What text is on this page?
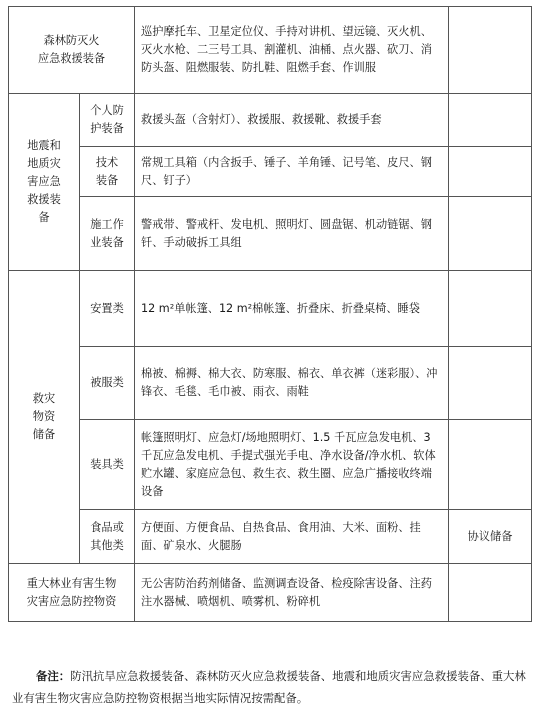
森林防灭火
应急救援装备		巡护摩托车、卫星定位仪、手持对讲机、望远镜、灭火机、灭火水枪、二三号工具、割灌机、油桶、点火器、砍刀、消防头盔、阻燃服装、防扎鞋、阻燃手套、作训服	
地震和
地质灾
害应急
救援装
备	个人防
护装备	救援头盔（含射灯）、救援服、救援靴、救援手套	
	技术
装备	常规工具箱（内含扳手、锤子、羊角锤、记号笔、皮尺、钢尺、钉子）	
	施工作
业装备	警戒带、警戒杆、发电机、照明灯、圆盘锯、机动链锯、钢钎、手动破拆工具组	
救灾
物资
储备	安置类	12 m²单帐篷、12 m²棉帐篷、折叠床、折叠桌椅、睡袋	
	被服类	棉被、棉褥、棉大衣、防寒服、棉衣、单衣裤（迷彩服）、冲锋衣、毛毯、毛巾被、雨衣、雨鞋	
	装具类	帐篷照明灯、应急灯/场地照明灯、1.5 千瓦应急发电机、3 千瓦应急发电机、手提式强光手电、净水设备/净水机、软体贮水罐、家庭应急包、救生衣、救生圈、应急广播接收终端设备	
	食品或
其他类	方便面、方便食品、自热食品、食用油、大米、面粉、挂面、矿泉水、火腿肠	协议储备
重大林业有害生物
灾害应急防控物资		无公害防治药剂储备、监测调查设备、检疫除害设备、注药注水器械、喷烟机、喷雾机、粉碎机	

备注：防汛抗旱应急救援装备、森林防灭火应急救援装备、地震和地质灾害应急救援装备、重大林业有害生物灾害应急防控物资根据当地实际情况按需配备。
